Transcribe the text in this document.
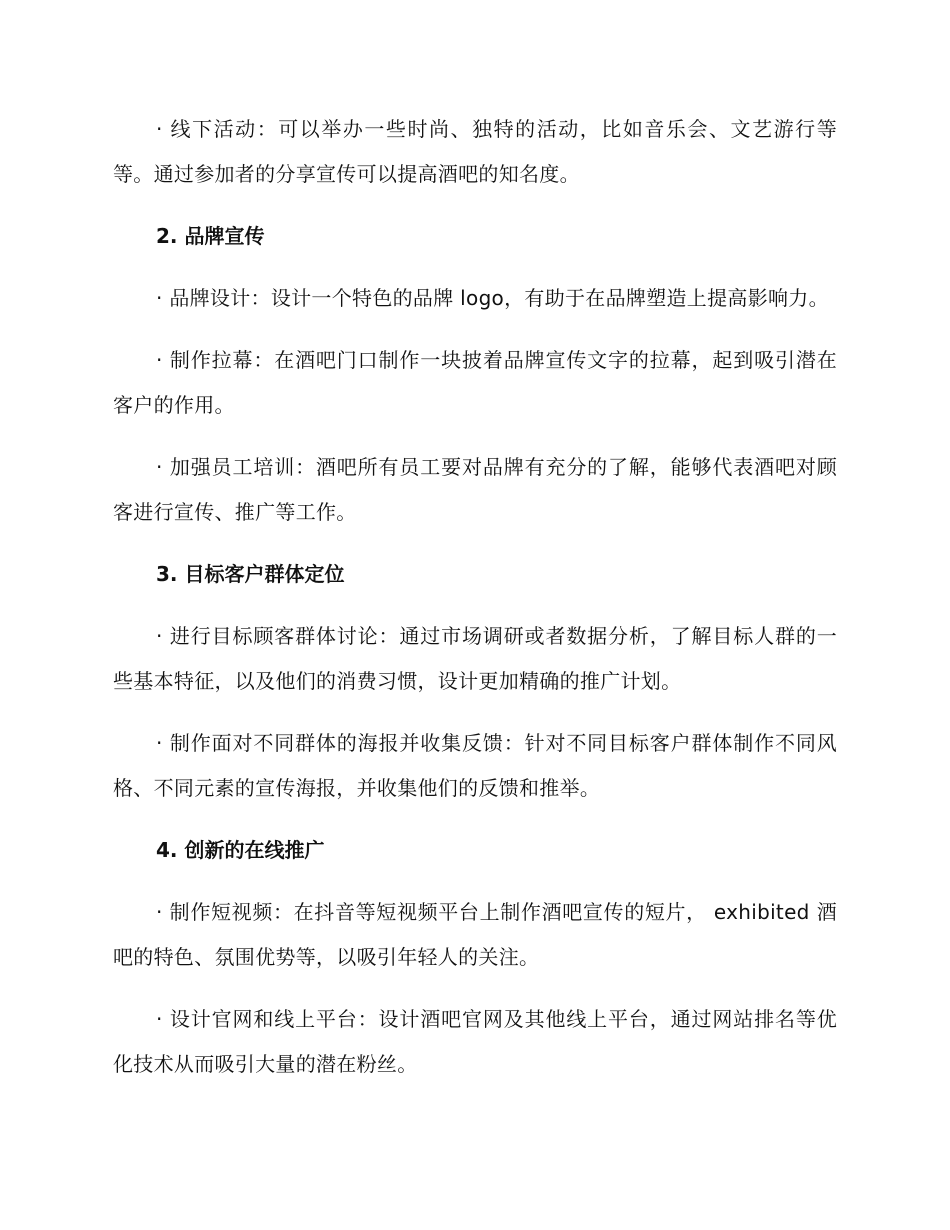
· 线下活动：可以举办一些时尚、独特的活动，比如音乐会、文艺游行等等。通过参加者的分享宣传可以提高酒吧的知名度。

2. 品牌宣传

· 品牌设计：设计一个特色的品牌 logo，有助于在品牌塑造上提高影响力。

· 制作拉幕：在酒吧门口制作一块披着品牌宣传文字的拉幕，起到吸引潜在客户的作用。

· 加强员工培训：酒吧所有员工要对品牌有充分的了解，能够代表酒吧对顾客进行宣传、推广等工作。

3. 目标客户群体定位

· 进行目标顾客群体讨论：通过市场调研或者数据分析，了解目标人群的一些基本特征，以及他们的消费习惯，设计更加精确的推广计划。

· 制作面对不同群体的海报并收集反馈：针对不同目标客户群体制作不同风格、不同元素的宣传海报，并收集他们的反馈和推举。

4. 创新的在线推广

· 制作短视频：在抖音等短视频平台上制作酒吧宣传的短片， exhibited 酒吧的特色、氛围优势等，以吸引年轻人的关注。

· 设计官网和线上平台：设计酒吧官网及其他线上平台，通过网站排名等优化技术从而吸引大量的潜在粉丝。
